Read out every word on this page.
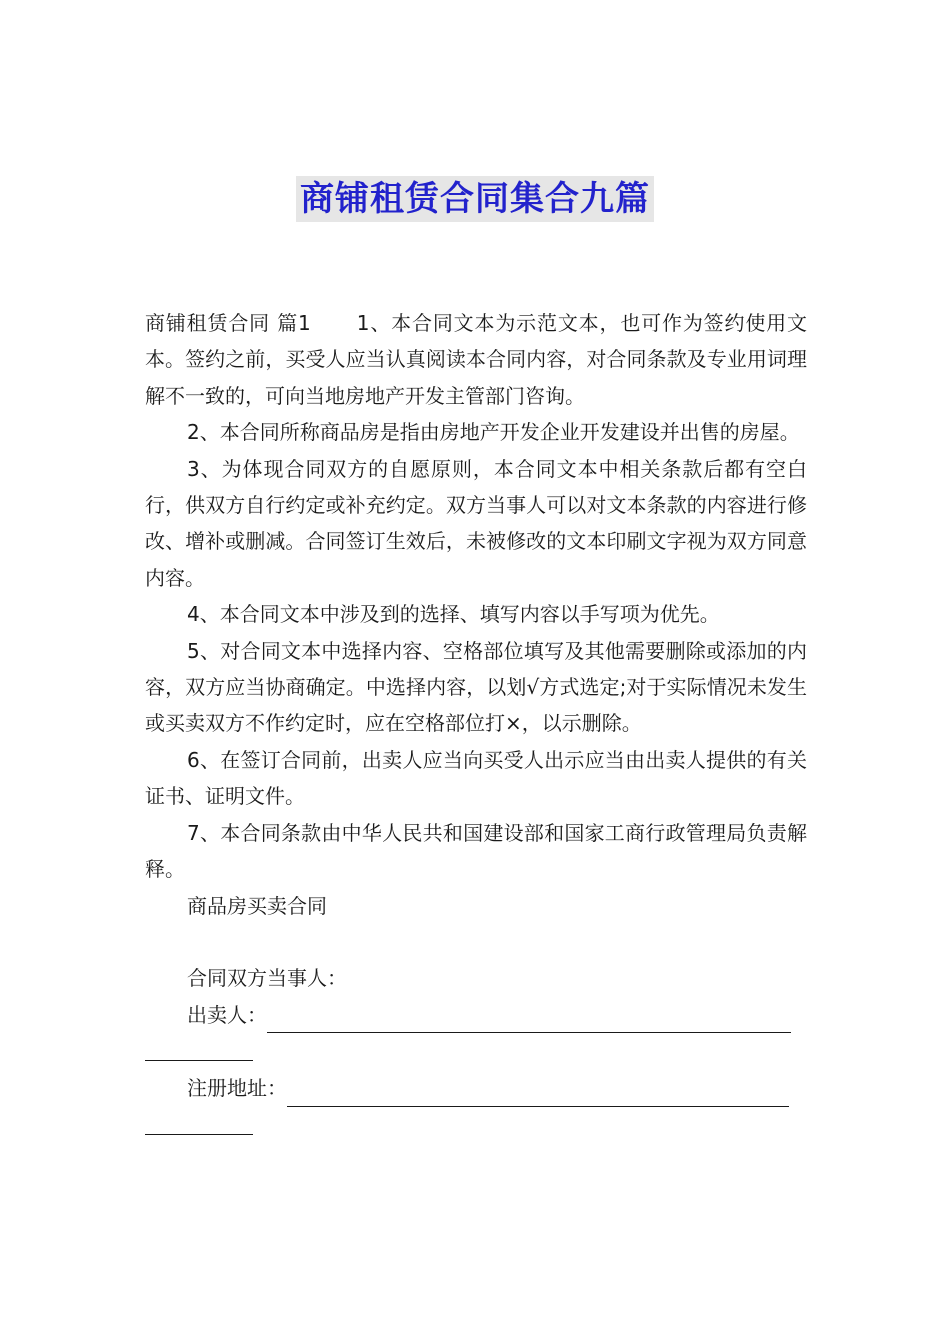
商铺租赁合同集合九篇

商铺租赁合同 篇1 1、本合同文本为示范文本，也可作为签约使用文本。签约之前，买受人应当认真阅读本合同内容，对合同条款及专业用词理解不一致的，可向当地房地产开发主管部门咨询。

2、本合同所称商品房是指由房地产开发企业开发建设并出售的房屋。

3、为体现合同双方的自愿原则，本合同文本中相关条款后都有空白行，供双方自行约定或补充约定。双方当事人可以对文本条款的内容进行修改、增补或删减。合同签订生效后，未被修改的文本印刷文字视为双方同意内容。

4、本合同文本中涉及到的选择、填写内容以手写项为优先。

5、对合同文本中选择内容、空格部位填写及其他需要删除或添加的内容，双方应当协商确定。中选择内容，以划√方式选定;对于实际情况未发生或买卖双方不作约定时，应在空格部位打×，以示删除。

6、在签订合同前，出卖人应当向买受人出示应当由出卖人提供的有关证书、证明文件。

7、本合同条款由中华人民共和国建设部和国家工商行政管理局负责解释。

商品房买卖合同

合同双方当事人：

出卖人：

注册地址：
